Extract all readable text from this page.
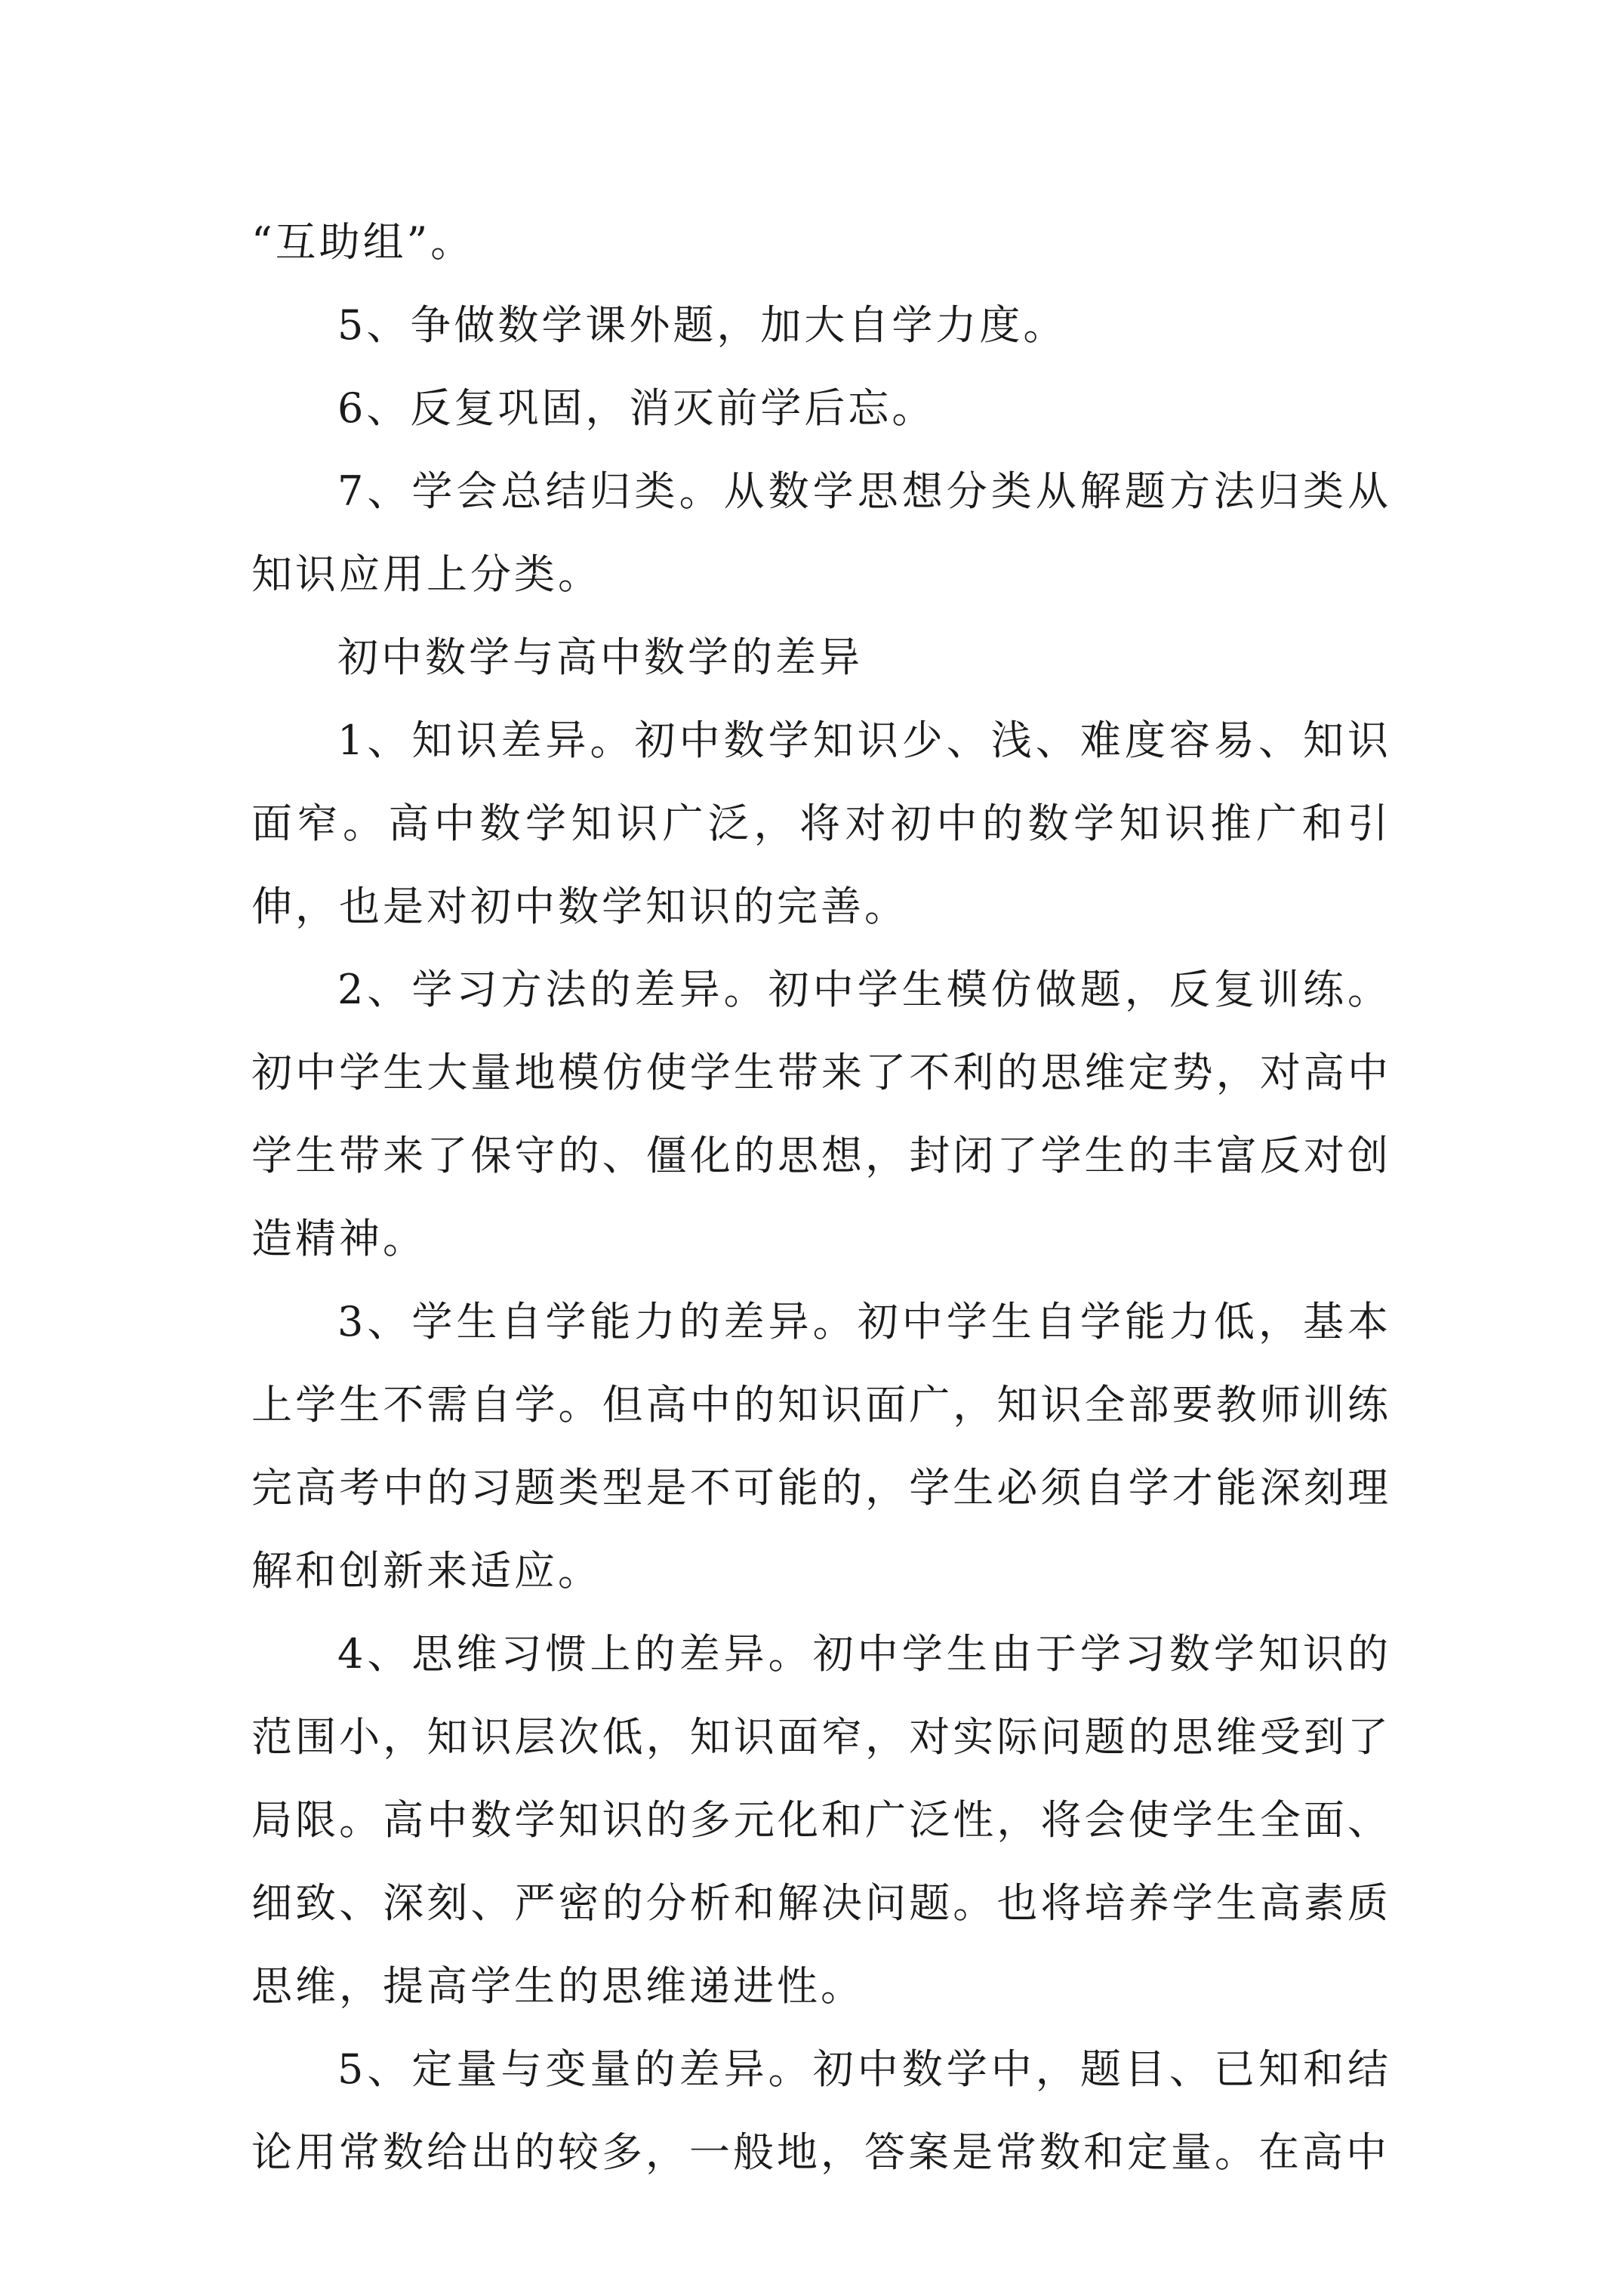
“互助组”。

5、争做数学课外题，加大自学力度。

6、反复巩固，消灭前学后忘。

7、学会总结归类。从数学思想分类从解题方法归类从知识应用上分类。

初中数学与高中数学的差异

1、知识差异。初中数学知识少、浅、难度容易、知识面窄。高中数学知识广泛，将对初中的数学知识推广和引伸，也是对初中数学知识的完善。

2、学习方法的差异。初中学生模仿做题，反复训练。初中学生大量地模仿使学生带来了不利的思维定势，对高中学生带来了保守的、僵化的思想，封闭了学生的丰富反对创造精神。

3、学生自学能力的差异。初中学生自学能力低，基本上学生不需自学。但高中的知识面广，知识全部要教师训练完高考中的习题类型是不可能的，学生必须自学才能深刻理解和创新来适应。

4、思维习惯上的差异。初中学生由于学习数学知识的范围小，知识层次低，知识面窄，对实际问题的思维受到了局限。高中数学知识的多元化和广泛性，将会使学生全面、细致、深刻、严密的分析和解决问题。也将培养学生高素质思维，提高学生的思维递进性。

5、定量与变量的差异。初中数学中，题目、已知和结论用常数给出的较多，一般地，答案是常数和定量。在高中
